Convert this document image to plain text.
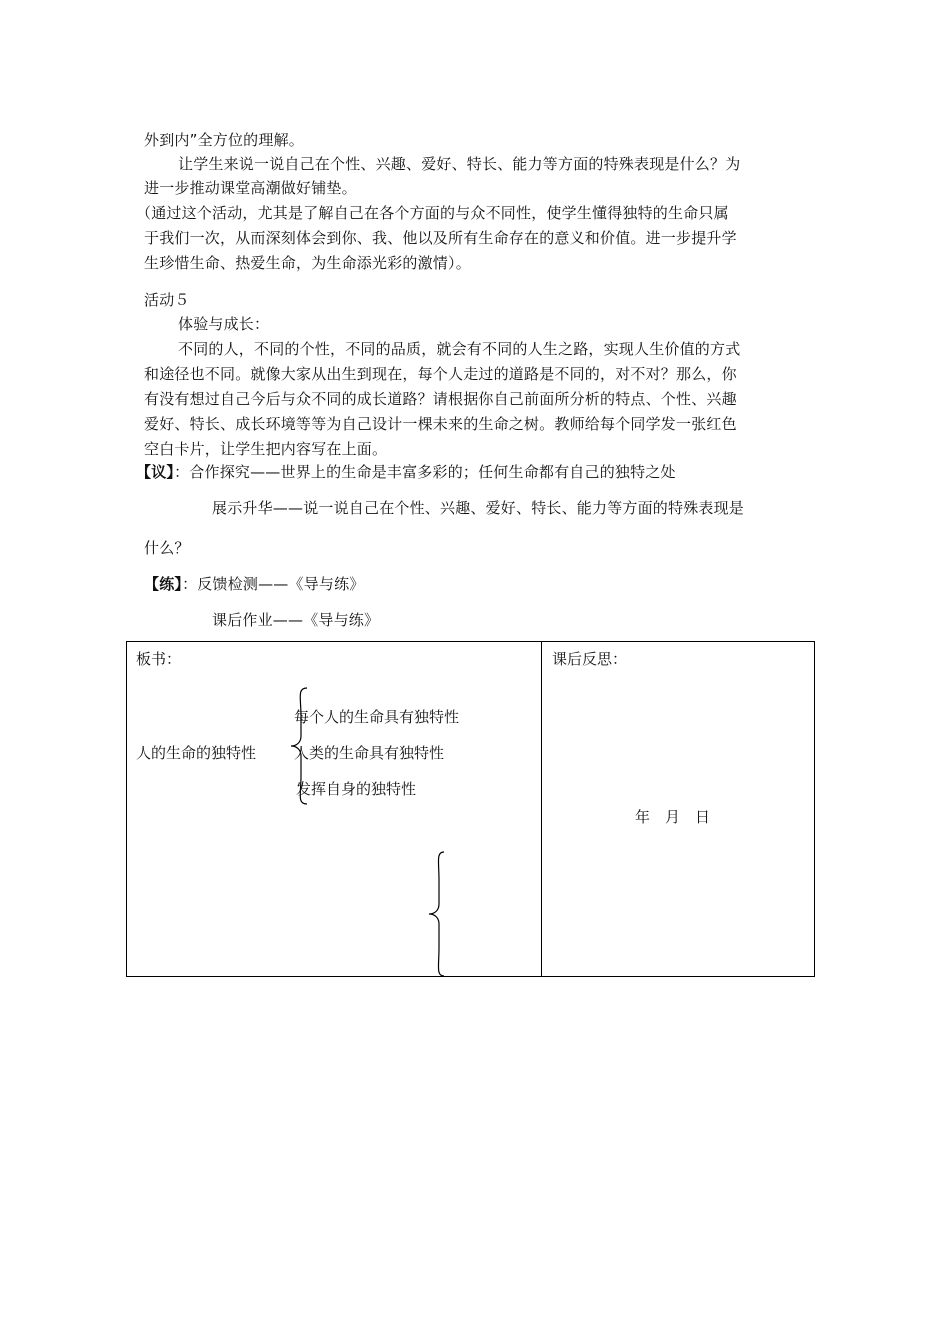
外到内”全方位的理解。
让学生来说一说自己在个性、兴趣、爱好、特长、能力等方面的特殊表现是什么？为
进一步推动课堂高潮做好铺垫。
（通过这个活动，尤其是了解自己在各个方面的与众不同性，使学生懂得独特的生命只属
于我们一次，从而深刻体会到你、我、他以及所有生命存在的意义和价值。进一步提升学
生珍惜生命、热爱生命，为生命添光彩的激情）。
活动５
体验与成长：
不同的人，不同的个性，不同的品质，就会有不同的人生之路，实现人生价值的方式
和途径也不同。就像大家从出生到现在，每个人走过的道路是不同的，对不对？那么，你
有没有想过自己今后与众不同的成长道路？请根据你自己前面所分析的特点、个性、兴趣
爱好、特长、成长环境等等为自己设计一棵未来的生命之树。教师给每个同学发一张红色
空白卡片，让学生把内容写在上面。
【议】：合作探究——世界上的生命是丰富多彩的；任何生命都有自己的独特之处
展示升华——说一说自己在个性、兴趣、爱好、特长、能力等方面的特殊表现是
什么？
【练】：反馈检测——《导与练》
课后作业——《导与练》
板书：	课后反思：
人的生命的独特性
每个人的生命具有独特性
人类的生命具有独特性
发挥自身的独特性
年　月　日
